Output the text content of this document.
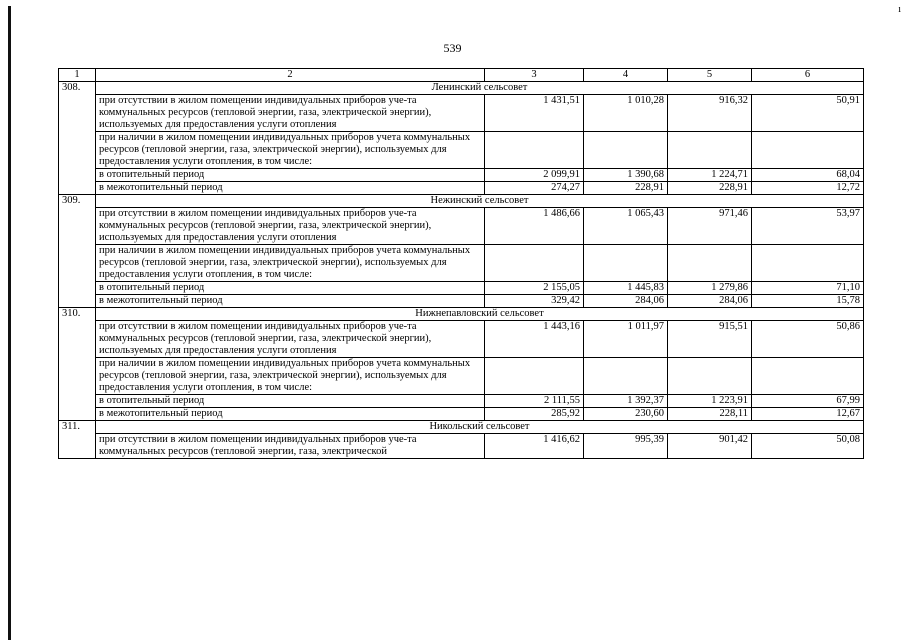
ı
539
1	2	3	4	5	6
308.	Ленинский сельсовет				
	при отсутствии в жилом помещении индивидуальных приборов уче-та коммунальных ресурсов (тепловой энергии, газа, электрической энергии), используемых для предоставления услуги отопления	1 431,51	1 010,28	916,32	50,91
	при наличии в жилом помещении индивидуальных приборов учета коммунальных ресурсов (тепловой энергии, газа, электрической энергии), используемых для предоставления услуги отопления, в том числе:				
	в отопительный период	2 099,91	1 390,68	1 224,71	68,04
	в межотопительный период	274,27	228,91	228,91	12,72
309.	Нежинский сельсовет				
	при отсутствии в жилом помещении индивидуальных приборов уче-та коммунальных ресурсов (тепловой энергии, газа, электрической энергии), используемых для предоставления услуги отопления	1 486,66	1 065,43	971,46	53,97
	при наличии в жилом помещении индивидуальных приборов учета коммунальных ресурсов (тепловой энергии, газа, электрической энергии), используемых для предоставления услуги отопления, в том числе:				
	в отопительный период	2 155,05	1 445,83	1 279,86	71,10
	в межотопительный период	329,42	284,06	284,06	15,78
310.	Нижнепавловский сельсовет				
	при отсутствии в жилом помещении индивидуальных приборов уче-та коммунальных ресурсов (тепловой энергии, газа, электрической энергии), используемых для предоставления услуги отопления	1 443,16	1 011,97	915,51	50,86
	при наличии в жилом помещении индивидуальных приборов учета коммунальных ресурсов (тепловой энергии, газа, электрической энергии), используемых для предоставления услуги отопления, в том числе:				
	в отопительный период	2 111,55	1 392,37	1 223,91	67,99
	в межотопительный период	285,92	230,60	228,11	12,67
311.	Никольский сельсовет				
	при отсутствии в жилом помещении индивидуальных приборов уче-та коммунальных ресурсов (тепловой энергии, газа, электрической	1 416,62	995,39	901,42	50,08
